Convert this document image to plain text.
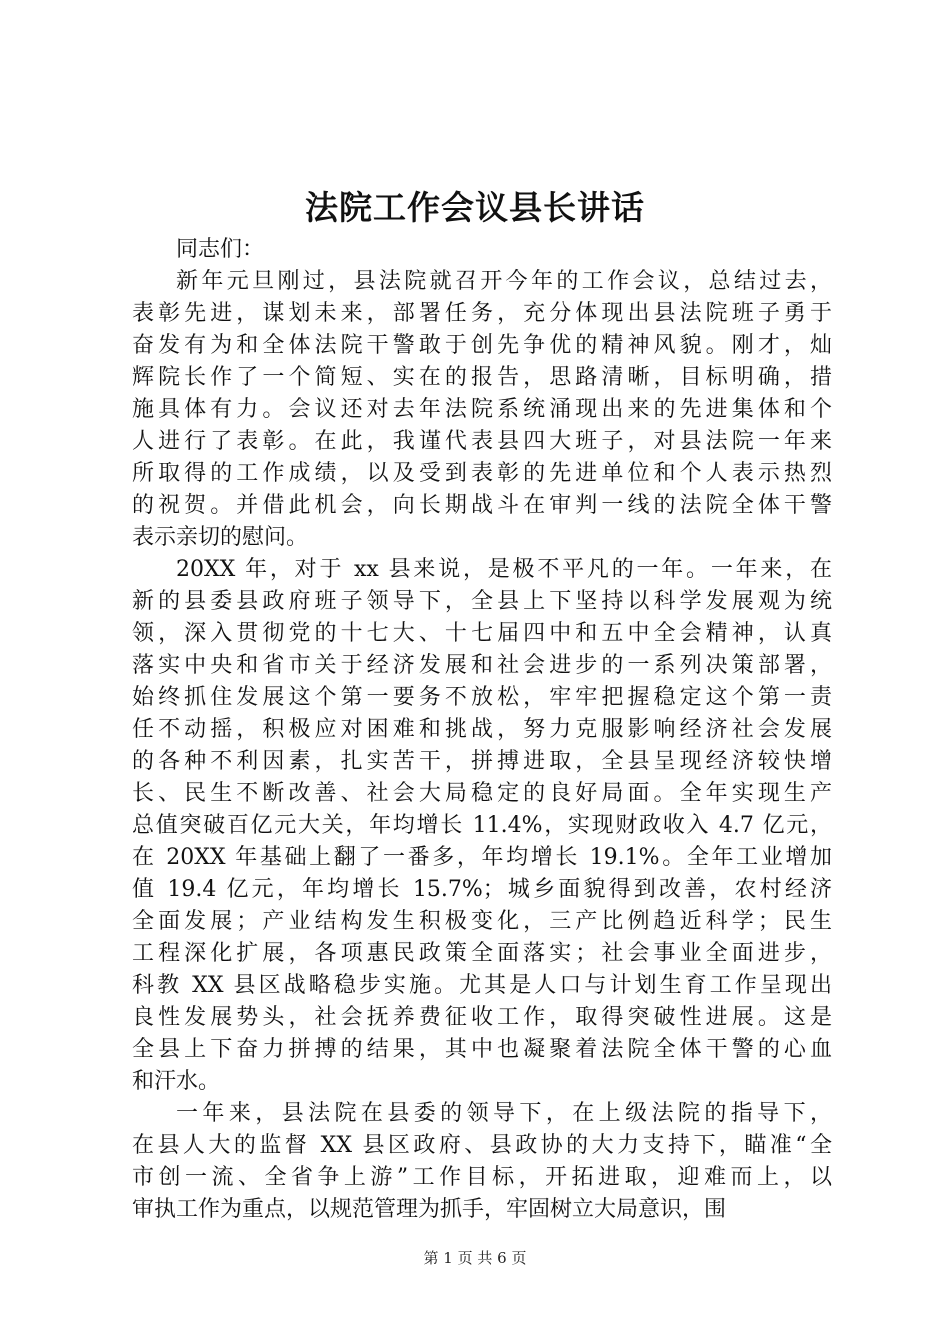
法院工作会议县长讲话

同志们：

新年元旦刚过，县法院就召开今年的工作会议，总结过去，
表彰先进，谋划未来，部署任务，充分体现出县法院班子勇于
奋发有为和全体法院干警敢于创先争优的精神风貌。刚才，灿
辉院长作了一个简短、实在的报告，思路清晰，目标明确，措
施具体有力。会议还对去年法院系统涌现出来的先进集体和个
人进行了表彰。在此，我谨代表县四大班子，对县法院一年来
所取得的工作成绩，以及受到表彰的先进单位和个人表示热烈
的祝贺。并借此机会，向长期战斗在审判一线的法院全体干警
表示亲切的慰问。

20XX 年，对于 xx 县来说，是极不平凡的一年。一年来，在
新的县委县政府班子领导下，全县上下坚持以科学发展观为统
领，深入贯彻党的十七大、十七届四中和五中全会精神，认真
落实中央和省市关于经济发展和社会进步的一系列决策部署，
始终抓住发展这个第一要务不放松，牢牢把握稳定这个第一责
任不动摇，积极应对困难和挑战，努力克服影响经济社会发展
的各种不利因素，扎实苦干，拼搏进取，全县呈现经济较快增
长、民生不断改善、社会大局稳定的良好局面。全年实现生产
总值突破百亿元大关，年均增长 11.4%，实现财政收入 4.7 亿元，
在 20XX 年基础上翻了一番多，年均增长 19.1%。全年工业增加
值 19.4 亿元，年均增长 15.7%；城乡面貌得到改善，农村经济
全面发展；产业结构发生积极变化，三产比例趋近科学；民生
工程深化扩展，各项惠民政策全面落实；社会事业全面进步，
科教 XX 县区战略稳步实施。尤其是人口与计划生育工作呈现出
良性发展势头，社会抚养费征收工作，取得突破性进展。这是
全县上下奋力拼搏的结果，其中也凝聚着法院全体干警的心血
和汗水。

一年来，县法院在县委的领导下，在上级法院的指导下，
在县人大的监督 XX 县区政府、县政协的大力支持下，瞄准“全
市创一流、全省争上游”工作目标，开拓进取，迎难而上，以
审执工作为重点，以规范管理为抓手，牢固树立大局意识，围

第 1 页 共 6 页
